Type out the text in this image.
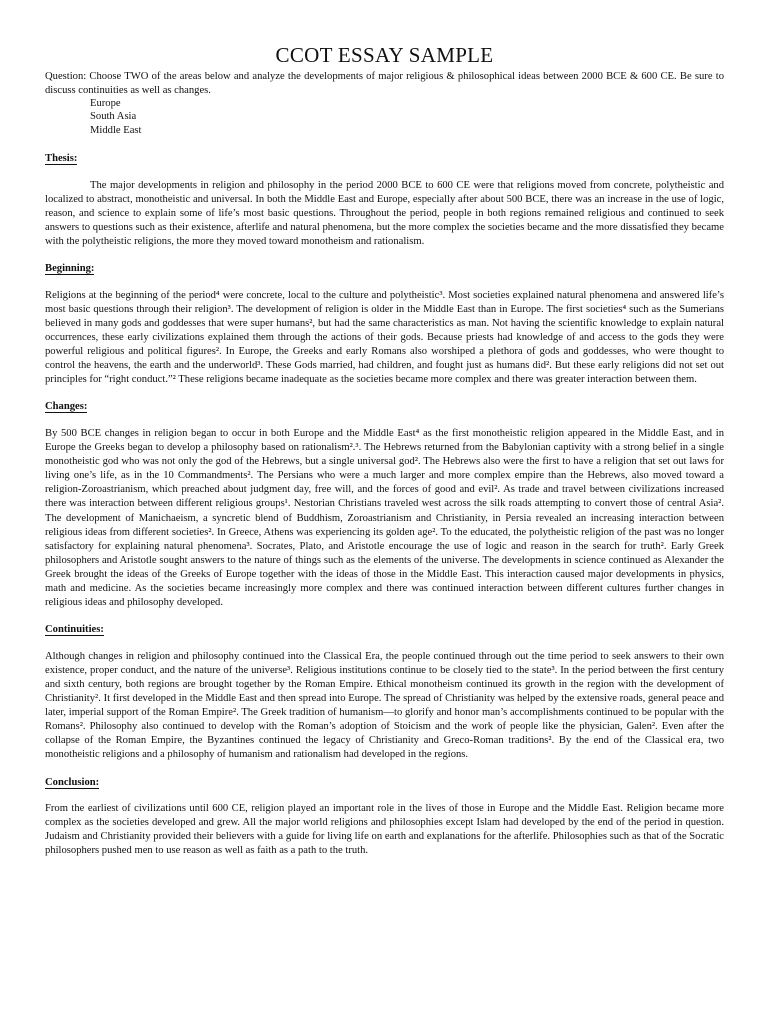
CCOT ESSAY SAMPLE

Question: Choose TWO of the areas below and analyze the developments of major religious & philosophical ideas between 2000 BCE & 600 CE. Be sure to discuss continuities as well as changes.

Europe
South Asia
Middle East
Thesis:

The major developments in religion and philosophy in the period 2000 BCE to 600 CE were that religions moved from concrete, polytheistic and localized to abstract, monotheistic and universal. In both the Middle East and Europe, especially after about 500 BCE, there was an increase in the use of logic, reason, and science to explain some of life’s most basic questions. Throughout the period, people in both regions remained religious and continued to seek answers to questions such as their existence, afterlife and natural phenomena, but the more complex the societies became and the more dissatisfied they became with the polytheistic religions, the more they moved toward monotheism and rationalism.

Beginning:

Religions at the beginning of the period⁴ were concrete, local to the culture and polytheistic³. Most societies explained natural phenomena and answered life’s most basic questions through their religion³. The development of religion is older in the Middle East than in Europe. The first societies⁴ such as the Sumerians believed in many gods and goddesses that were super humans², but had the same characteristics as man. Not having the scientific knowledge to explain natural occurrences, these early civilizations explained them through the actions of their gods. Because priests had knowledge of and access to the gods they were powerful religious and political figures². In Europe, the Greeks and early Romans also worshiped a plethora of gods and goddesses, who were thought to control the heavens, the earth and the underworld³. These Gods married, had children, and fought just as humans did². But these early religions did not set out principles for “right conduct.”² These religions became inadequate as the societies became more complex and there was greater interaction between them.

Changes:

By 500 BCE changes in religion began to occur in both Europe and the Middle East⁴ as the first monotheistic religion appeared in the Middle East, and in Europe the Greeks began to develop a philosophy based on rationalism².³. The Hebrews returned from the Babylonian captivity with a strong belief in a single monotheistic god who was not only the god of the Hebrews, but a single universal god². The Hebrews also were the first to have a religion that set out laws for living one’s life, as in the 10 Commandments². The Persians who were a much larger and more complex empire than the Hebrews, also moved toward a religion-Zoroastrianism, which preached about judgment day, free will, and the forces of good and evil². As trade and travel between civilizations increased there was interaction between different religious groups¹. Nestorian Christians traveled west across the silk roads attempting to convert those of central Asia². The development of Manichaeism, a syncretic blend of Buddhism, Zoroastrianism and Christianity, in Persia revealed an increasing interaction between religious ideas from different societies². In Greece, Athens was experiencing its golden age². To the educated, the polytheistic religion of the past was no longer satisfactory for explaining natural phenomena³. Socrates, Plato, and Aristotle encourage the use of logic and reason in the search for truth². Early Greek philosophers and Aristotle sought answers to the nature of things such as the elements of the universe. The developments in science continued as Alexander the Greek brought the ideas of the Greeks of Europe together with the ideas of those in the Middle East. This interaction caused major developments in physics, math and medicine. As the societies became increasingly more complex and there was continued interaction between different cultures further changes in religious ideas and philosophy developed.

Continuities:

Although changes in religion and philosophy continued into the Classical Era, the people continued through out the time period to seek answers to their own existence, proper conduct, and the nature of the universe³. Religious institutions continue to be closely tied to the state³. In the period between the first century and sixth century, both regions are brought together by the Roman Empire. Ethical monotheism continued its growth in the region with the development of Christianity². It first developed in the Middle East and then spread into Europe. The spread of Christianity was helped by the extensive roads, general peace and later, imperial support of the Roman Empire². The Greek tradition of humanism—to glorify and honor man’s accomplishments continued to be popular with the Romans². Philosophy also continued to develop with the Roman’s adoption of Stoicism and the work of people like the physician, Galen². Even after the collapse of the Roman Empire, the Byzantines continued the legacy of Christianity and Greco-Roman traditions². By the end of the Classical era, two monotheistic religions and a philosophy of humanism and rationalism had developed in the regions.

Conclusion:

From the earliest of civilizations until 600 CE, religion played an important role in the lives of those in Europe and the Middle East. Religion became more complex as the societies developed and grew. All the major world religions and philosophies except Islam had developed by the end of the period in question. Judaism and Christianity provided their believers with a guide for living life on earth and explanations for the afterlife. Philosophies such as that of the Socratic philosophers pushed men to use reason as well as faith as a path to the truth.
